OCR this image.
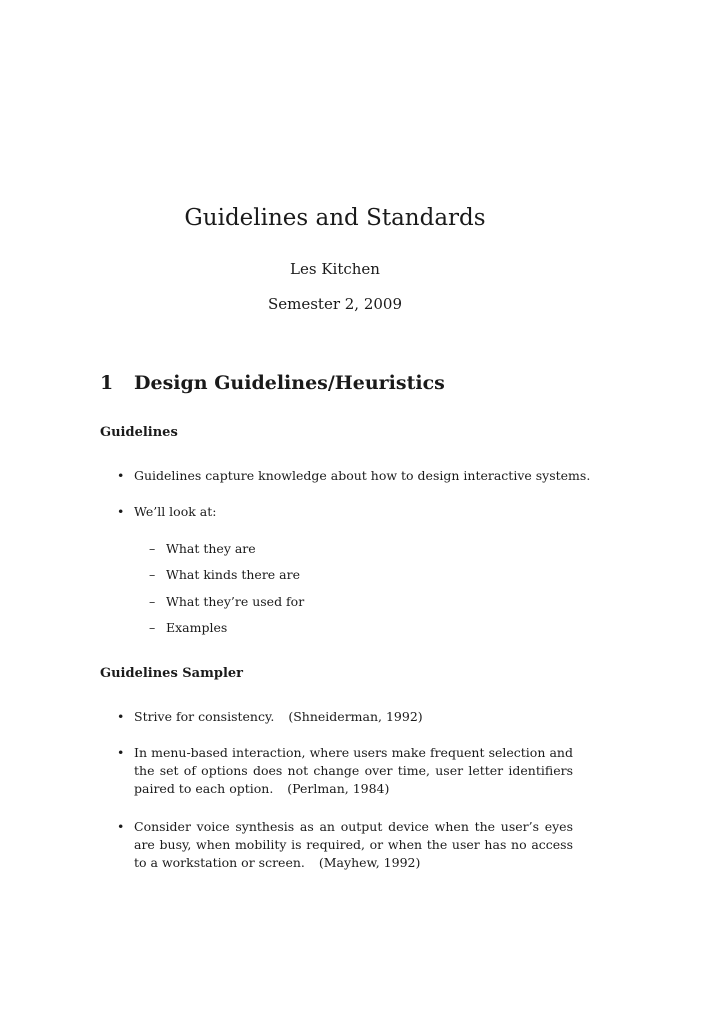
Guidelines and Standards
Les Kitchen
Semester 2, 2009
1 Design Guidelines/Heuristics
Guidelines
• Guidelines capture knowledge about how to design interactive systems.
• We’ll look at:
– What they are
– What kinds there are
– What they’re used for
– Examples
Guidelines Sampler
• Strive for consistency. (Shneiderman, 1992)
• In menu-based interaction, where users make frequent selection and the set of options does not change over time, user letter identifiers paired to each option. (Perlman, 1984)
• Consider voice synthesis as an output device when the user’s eyes are busy, when mobility is required, or when the user has no access to a workstation or screen. (Mayhew, 1992)
